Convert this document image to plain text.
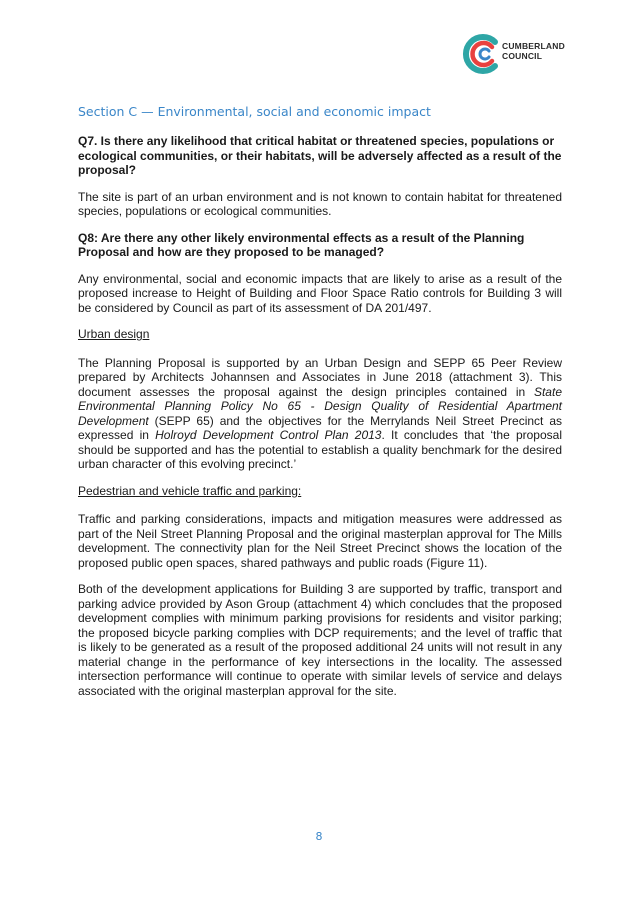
CUMBERLAND
COUNCIL
Section C — Environmental, social and economic impact

Q7. Is there any likelihood that critical habitat or threatened species, populations or ecological communities, or their habitats, will be adversely affected as a result of the proposal?

The site is part of an urban environment and is not known to contain habitat for threatened species, populations or ecological communities.

Q8: Are there any other likely environmental effects as a result of the Planning Proposal and how are they proposed to be managed?

Any environmental, social and economic impacts that are likely to arise as a result of the proposed increase to Height of Building and Floor Space Ratio controls for Building 3 will be considered by Council as part of its assessment of DA 201/497.

Urban design

The Planning Proposal is supported by an Urban Design and SEPP 65 Peer Review prepared by Architects Johannsen and Associates in June 2018 (attachment 3). This document assesses the proposal against the design principles contained in State Environmental Planning Policy No 65 - Design Quality of Residential Apartment Development (SEPP 65) and the objectives for the Merrylands Neil Street Precinct as expressed in Holroyd Development Control Plan 2013. It concludes that ‘the proposal should be supported and has the potential to establish a quality benchmark for the desired urban character of this evolving precinct.’

Pedestrian and vehicle traffic and parking:

Traffic and parking considerations, impacts and mitigation measures were addressed as part of the Neil Street Planning Proposal and the original masterplan approval for The Mills development. The connectivity plan for the Neil Street Precinct shows the location of the proposed public open spaces, shared pathways and public roads (Figure 11).

Both of the development applications for Building 3 are supported by traffic, transport and parking advice provided by Ason Group (attachment 4) which concludes that the proposed development complies with minimum parking provisions for residents and visitor parking; the proposed bicycle parking complies with DCP requirements; and the level of traffic that is likely to be generated as a result of the proposed additional 24 units will not result in any material change in the performance of key intersections in the locality. The assessed intersection performance will continue to operate with similar levels of service and delays associated with the original masterplan approval for the site.

8
